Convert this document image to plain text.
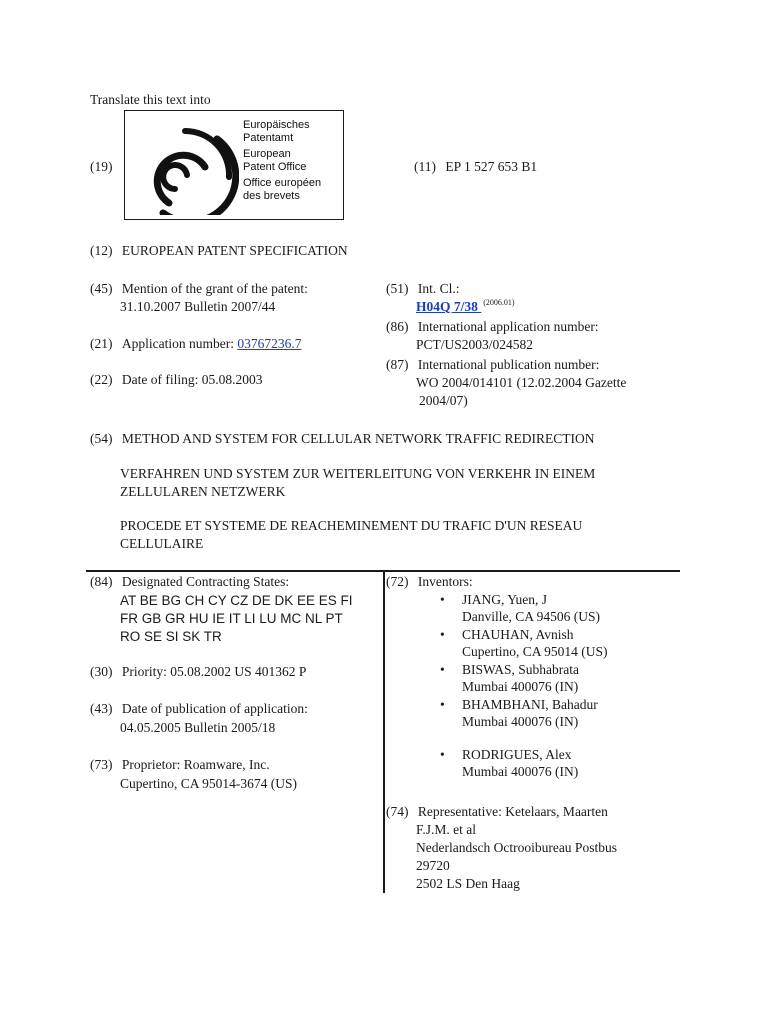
Translate this text into
(19)
Europäisches
Patentamt
European
Patent Office
Office européen
des brevets
(11) EP 1 527 653 B1
(12) EUROPEAN PATENT SPECIFICATION
(45) Mention of the grant of the patent:
31.10.2007 Bulletin 2007/44
(21) Application number: 03767236.7
(22) Date of filing: 05.08.2003
(51) Int. Cl.:
H04Q 7/38 $^{(2006.01)}$
(86) International application number:
PCT/US2003/024582
(87) International publication number:
WO 2004/014101 (12.02.2004 Gazette
2004/07)
(54) METHOD AND SYSTEM FOR CELLULAR NETWORK TRAFFIC REDIRECTION
VERFAHREN UND SYSTEM ZUR WEITERLEITUNG VON VERKEHR IN EINEM
ZELLULAREN NETZWERK
PROCEDE ET SYSTEME DE REACHEMINEMENT DU TRAFIC D'UN RESEAU
CELLULAIRE
(84) Designated Contracting States:
AT BE BG CH CY CZ DE DK EE ES FI
FR GB GR HU IE IT LI LU MC NL PT
RO SE SI SK TR
(30) Priority: 05.08.2002 US 401362 P
(43) Date of publication of application:
04.05.2005 Bulletin 2005/18
(73) Proprietor: Roamware, Inc.
Cupertino, CA 95014-3674 (US)
(72) Inventors:
• JIANG, Yuen, J
Danville, CA 94506 (US)
• CHAUHAN, Avnish
Cupertino, CA 95014 (US)
• BISWAS, Subhabrata
Mumbai 400076 (IN)
• BHAMBHANI, Bahadur
Mumbai 400076 (IN)
• RODRIGUES, Alex
Mumbai 400076 (IN)
(74) Representative: Ketelaars, Maarten
F.J.M. et al
Nederlandsch Octrooibureau Postbus
29720
2502 LS Den Haag
